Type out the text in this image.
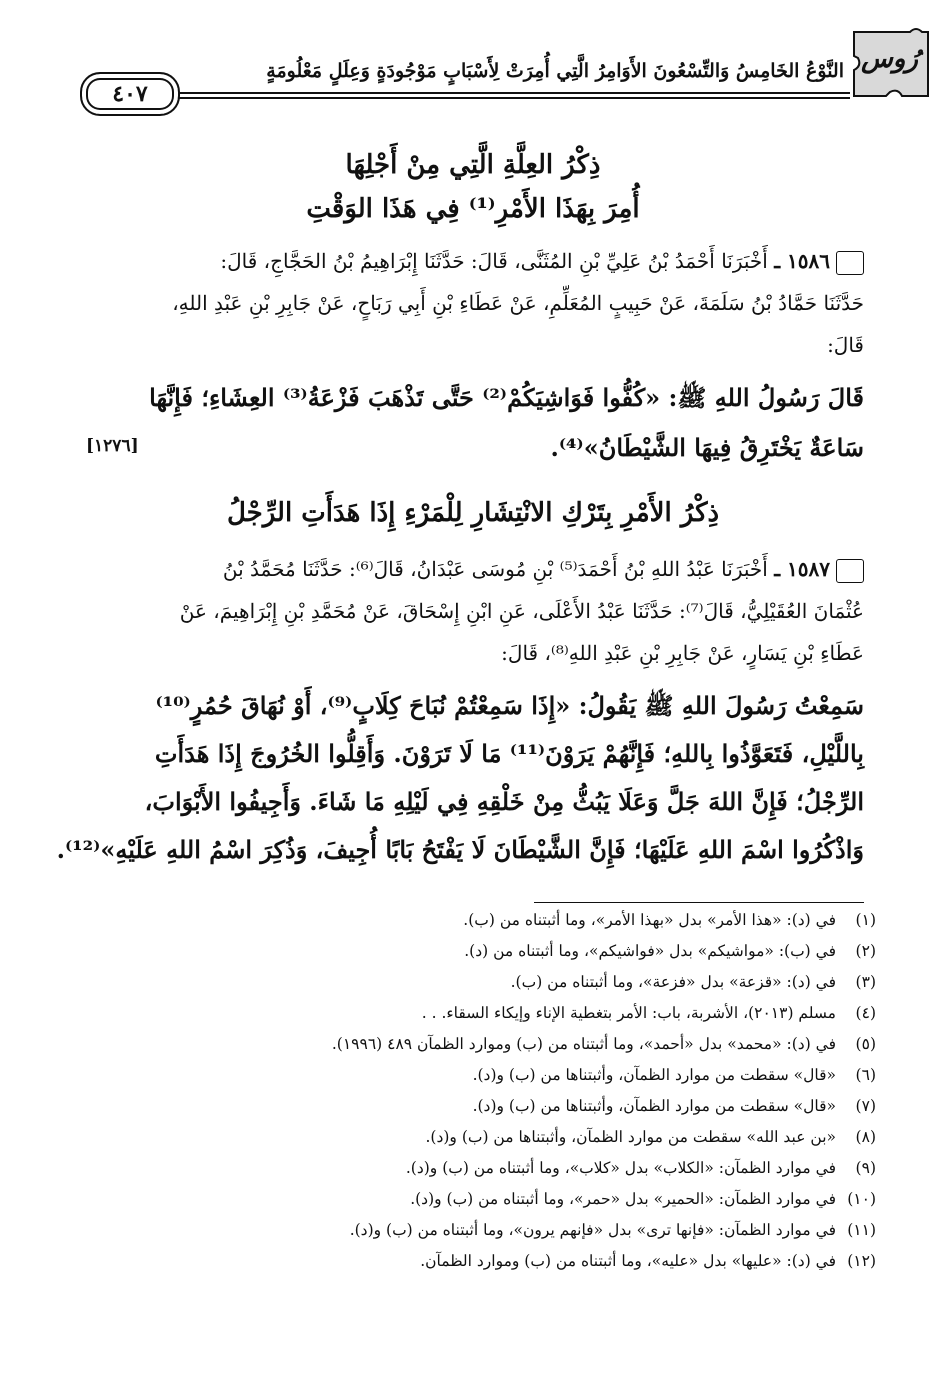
رُوس
النَّوْعُ الخَامِسُ وَالتِّسْعُونَ الأَوَامِرُ الَّتِي أُمِرَتْ لِأَسْبَابٍ مَوْجُودَةٍ وَعِلَلٍ مَعْلُومَةٍ
٤٠٧
ذِكْرُ العِلَّةِ الَّتِي مِنْ أَجْلِهَا
أُمِرَ بِهَذَا الأَمْرِ⁽¹⁾ فِي هَذَا الوَقْتِ
١٥٨٦ ـ أَخْبَرَنَا أَحْمَدُ بْنُ عَلِيِّ بْنِ المُثَنَّى، قَالَ: حَدَّثَنَا إِبْرَاهِيمُ بْنُ الحَجَّاجِ، قَالَ:
حَدَّثَنَا حَمَّادُ بْنُ سَلَمَةَ، عَنْ حَبِيبٍ المُعَلِّمِ، عَنْ عَطَاءِ بْنِ أَبِي رَبَاحٍ، عَنْ جَابِرِ بْنِ عَبْدِ اللهِ،
قَالَ:
قَالَ رَسُولُ اللهِ ﷺ: «كُفُّوا فَوَاشِيَكُمْ⁽²⁾ حَتَّى تَذْهَبَ فَزْعَةُ⁽³⁾ العِشَاءِ؛ فَإِنَّهَا
سَاعَةٌ يَخْتَرِقُ فِيهَا الشَّيْطَانُ»⁽⁴⁾.
[١٢٧٦]
ذِكْرُ الأَمْرِ بِتَرْكِ الانْتِشَارِ لِلْمَرْءِ إِذَا هَدَأَتِ الرِّجْلُ
١٥٨٧ ـ أَخْبَرَنَا عَبْدُ اللهِ بْنُ أَحْمَدَ⁽⁵⁾ بْنِ مُوسَى عَبْدَانُ، قَالَ⁽⁶⁾: حَدَّثَنَا مُحَمَّدُ بْنُ
عُثْمَانَ العُقَيْلِيُّ، قَالَ⁽⁷⁾: حَدَّثَنَا عَبْدُ الأَعْلَى، عَنِ ابْنِ إِسْحَاقَ، عَنْ مُحَمَّدِ بْنِ إِبْرَاهِيمَ، عَنْ
عَطَاءِ بْنِ يَسَارٍ، عَنْ جَابِرِ بْنِ عَبْدِ اللهِ⁽⁸⁾، قَالَ:
سَمِعْتُ رَسُولَ اللهِ ﷺ يَقُولُ: «إِذَا سَمِعْتُمْ نُبَاحَ كِلَابٍ⁽⁹⁾، أَوْ نُهَاقَ حُمُرٍ⁽¹⁰⁾
بِاللَّيْلِ، فَتَعَوَّذُوا بِاللهِ؛ فَإِنَّهُمْ يَرَوْنَ⁽¹¹⁾ مَا لَا تَرَوْنَ. وَأَقِلُّوا الخُرُوجَ إِذَا هَدَأَتِ
الرِّجْلُ؛ فَإِنَّ اللهَ جَلَّ وَعَلَا يَبُثُّ مِنْ خَلْقِهِ فِي لَيْلِهِ مَا شَاءَ. وَأَجِيفُوا الأَبْوَابَ،
وَاذْكُرُوا اسْمَ اللهِ عَلَيْهَا؛ فَإِنَّ الشَّيْطَانَ لَا يَفْتَحُ بَابًا أُجِيفَ، وَذُكِرَ اسْمُ اللهِ عَلَيْهِ»⁽¹²⁾.
(١)في (د): «هذا الأمر» بدل «بهذا الأمر»، وما أثبتناه من (ب).
(٢)في (ب): «مواشيكم» بدل «فواشيكم»، وما أثبتناه من (د).
(٣)في (د): «قزعة» بدل «فزعة»، وما أثبتناه من (ب).
(٤)مسلم (٢٠١٣)، الأشربة، باب: الأمر بتغطية الإناء وإيكاء السقاء. . .
(٥)في (د): «محمد» بدل «أحمد»، وما أثبتناه من (ب) وموارد الظمآن ٤٨٩ (١٩٩٦).
(٦)«قال» سقطت من موارد الظمآن، وأثبتناها من (ب) و(د).
(٧)«قال» سقطت من موارد الظمآن، وأثبتناها من (ب) و(د).
(٨)«بن عبد الله» سقطت من موارد الظمآن، وأثبتناها من (ب) و(د).
(٩)في موارد الظمآن: «الكلاب» بدل «كلاب»، وما أثبتناه من (ب) و(د).
(١٠)في موارد الظمآن: «الحمير» بدل «حمر»، وما أثبتناه من (ب) و(د).
(١١)في موارد الظمآن: «فإنها ترى» بدل «فإنهم يرون»، وما أثبتناه من (ب) و(د).
(١٢)في (د): «عليها» بدل «عليه»، وما أثبتناه من (ب) وموارد الظمآن.
